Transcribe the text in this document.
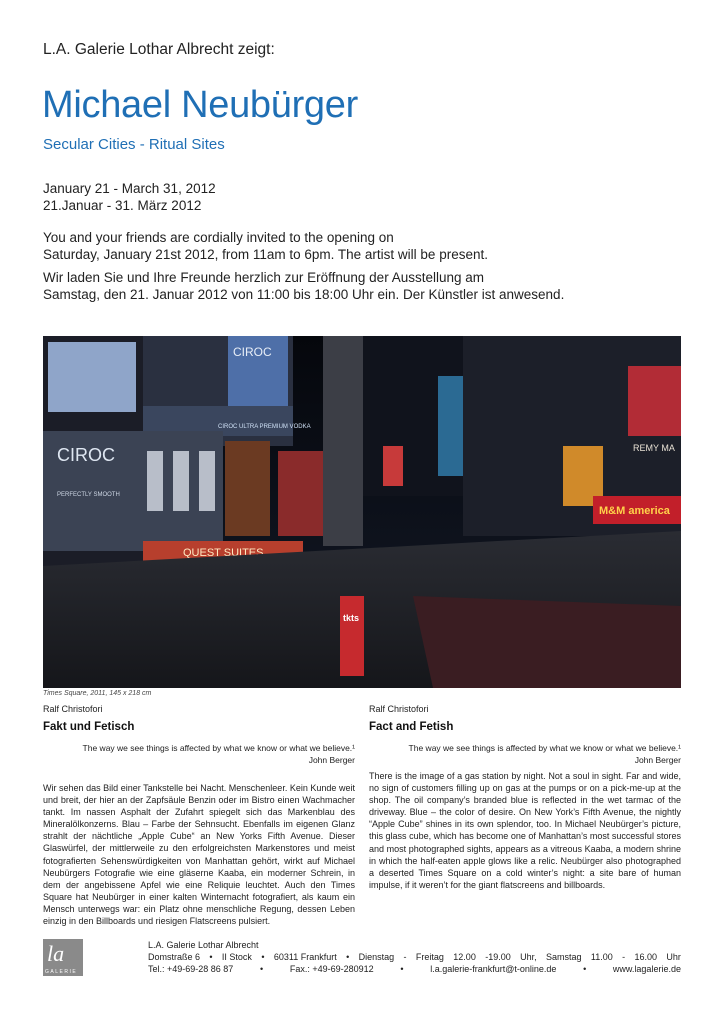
L.A. Galerie Lothar Albrecht zeigt:
Michael Neubürger
Secular Cities - Ritual Sites
January 21 - March 31, 2012
21.Januar - 31. März 2012
You and your friends are cordially invited to the opening on
Saturday, January 21st 2012, from 11am to 6pm. The artist will be present.
Wir laden Sie und Ihre Freunde herzlich zur Eröffnung der Ausstellung am
Samstag, den 21. Januar 2012 von 11:00 bis 18:00 Uhr ein. Der Künstler ist anwesend.
CIROC
CIROC ULTRA PREMIUM VODKA
CIROC
PERFECTLY SMOOTH
QUEST SUITES
REMY MA
M&M america
tkts
Times Square, 2011, 145 x 218 cm
Ralf Christofori
Fakt und Fetisch
The way we see things is affected by what we know or what we believe.¹
John Berger
Wir sehen das Bild einer Tankstelle bei Nacht. Menschenleer. Kein Kunde weit und breit, der hier an der Zapfsäule Benzin oder im Bistro einen Wachmacher tankt. Im nassen Asphalt der Zufahrt spiegelt sich das Markenblau des Mineralölkonzerns. Blau – Farbe der Sehnsucht. Ebenfalls im eigenen Glanz strahlt der nächtliche „Apple Cube“ an New Yorks Fifth Avenue. Dieser Glaswürfel, der mittlerweile zu den erfolgreichsten Markenstores und meist fotografierten Sehenswürdigkeiten von Manhattan gehört, wirkt auf Michael Neubürgers Fotografie wie eine gläserne Kaaba, ein moderner Schrein, in dem der angebissene Apfel wie eine Reliquie leuchtet. Auch den Times Square hat Neubürger in einer kalten Winternacht fotografiert, als kaum ein Mensch unterwegs war: ein Platz ohne menschliche Regung, dessen Leben einzig in den Billboards und riesigen Flatscreens pulsiert.
Ralf Christofori
Fact and Fetish
The way we see things is affected by what we know or what we believe.¹
John Berger
There is the image of a gas station by night. Not a soul in sight. Far and wide, no sign of customers filling up on gas at the pumps or on a pick-me-up at the shop. The oil company’s branded blue is reflected in the wet tarmac of the driveway. Blue – the color of desire. On New York’s Fifth Avenue, the nightly “Apple Cube” shines in its own splendor, too. In Michael Neubürger’s picture, this glass cube, which has become one of Manhattan’s most successful stores and most photographed sights, appears as a vitreous Kaaba, a modern shrine in which the half-eaten apple glows like a relic. Neubürger also photographed a deserted Times Square on a cold winter’s night: a site bare of human impulse, if it weren’t for the giant flatscreens and billboards.
la
GALERIE
L.A. Galerie Lothar Albrecht
Domstraße 6 • II Stock • 60311 Frankfurt • Dienstag - Freitag 12.00 -19.00 Uhr, Samstag 11.00 - 16.00 Uhr
Tel.: +49-69-28 86 87	•	Fax.: +49-69-280912	•	l.a.galerie-frankfurt@t-online.de	•	www.lagalerie.de
